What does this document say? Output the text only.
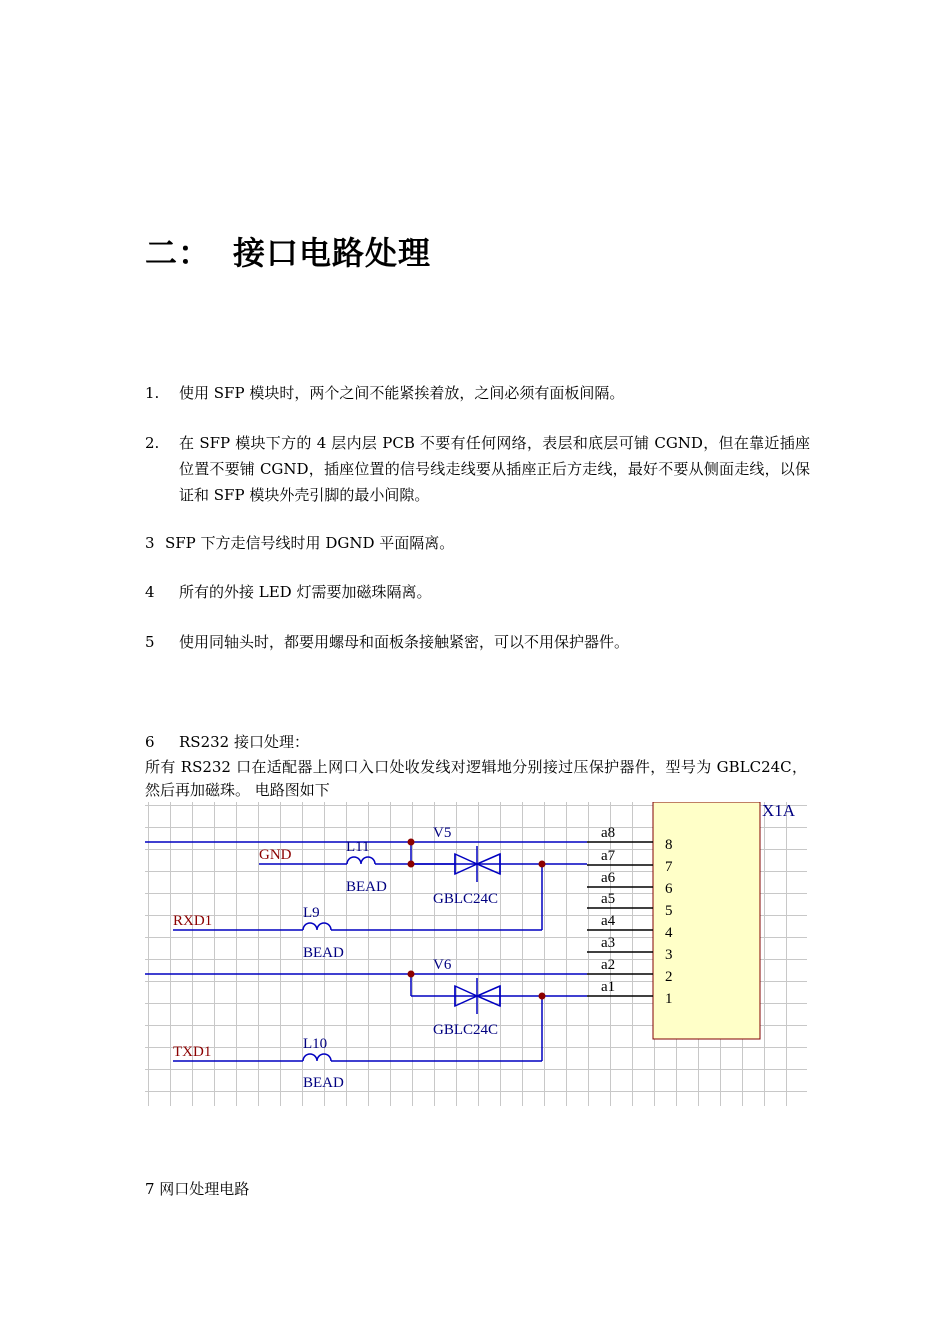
二： 接口电路处理
1. 使用 SFP 模块时，两个之间不能紧挨着放，之间必须有面板间隔。
2. 在 SFP 模块下方的 4 层内层 PCB 不要有任何网络，表层和底层可铺 CGND，但在靠近插座位置不要铺 CGND，插座位置的信号线走线要从插座正后方走线，最好不要从侧面走线，以保证和 SFP 模块外壳引脚的最小间隙。
3 SFP 下方走信号线时用 DGND 平面隔离。
4 所有的外接 LED 灯需要加磁珠隔离。
5 使用同轴头时，都要用螺母和面板条接触紧密，可以不用保护器件。
6 RS232 接口处理：
所有 RS232 口在适配器上网口入口处收发线对逻辑地分别接过压保护器件，型号为 GBLC24C，然后再加磁珠。 电路图如下
X1A
a8
a7
a6
a5
a4
a3
a2
a1
8
7
6
5
4
3
2
1
GND
RXD1
TXD1
L11
BEAD
L9
BEAD
L10
BEAD
V5
GBLC24C
V6
GBLC24C
7 网口处理电路
